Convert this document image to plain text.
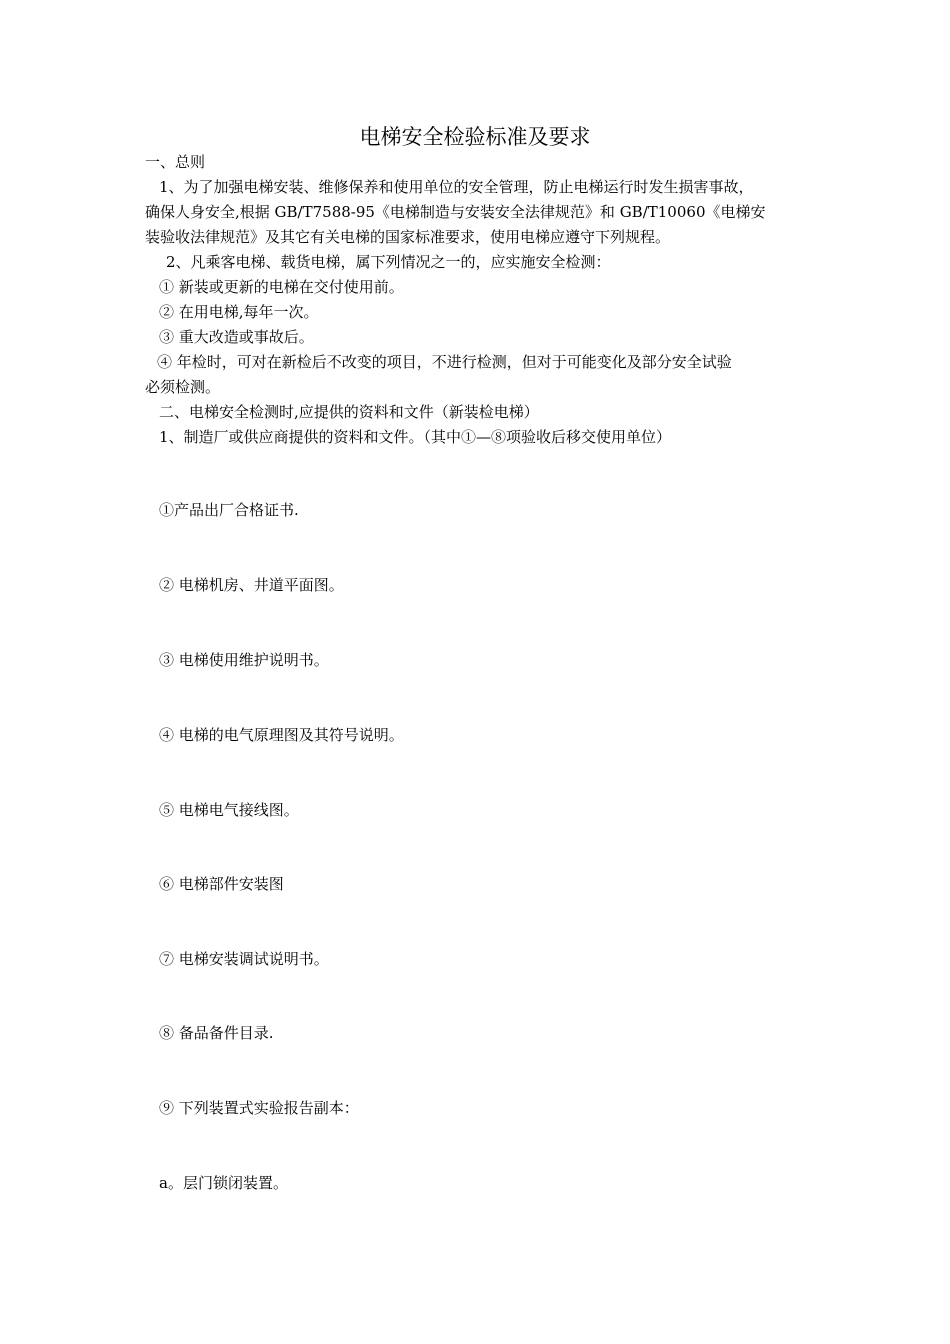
电梯安全检验标准及要求
一、总则
1、为了加强电梯安装、维修保养和使用单位的安全管理，防止电梯运行时发生损害事故，
确保人身安全,根据 GB/T7588-95《电梯制造与安装安全法律规范》和 GB/T10060《电梯安
装验收法律规范》及其它有关电梯的国家标准要求，使用电梯应遵守下列规程。
2、凡乘客电梯、载货电梯，属下列情况之一的，应实施安全检测：
① 新装或更新的电梯在交付使用前。
② 在用电梯,每年一次。
③ 重大改造或事故后。
④ 年检时，可对在新检后不改变的项目，不进行检测，但对于可能变化及部分安全试验
必须检测。
二、电梯安全检测时,应提供的资料和文件（新装检电梯）
1、制造厂或供应商提供的资料和文件。（其中①—⑧项验收后移交使用单位）
①产品出厂合格证书.
② 电梯机房、井道平面图。
③ 电梯使用维护说明书。
④ 电梯的电气原理图及其符号说明。
⑤ 电梯电气接线图。
⑥ 电梯部件安装图
⑦ 电梯安装调试说明书。
⑧ 备品备件目录.
⑨ 下列装置式实验报告副本：
a。层门锁闭装置。
